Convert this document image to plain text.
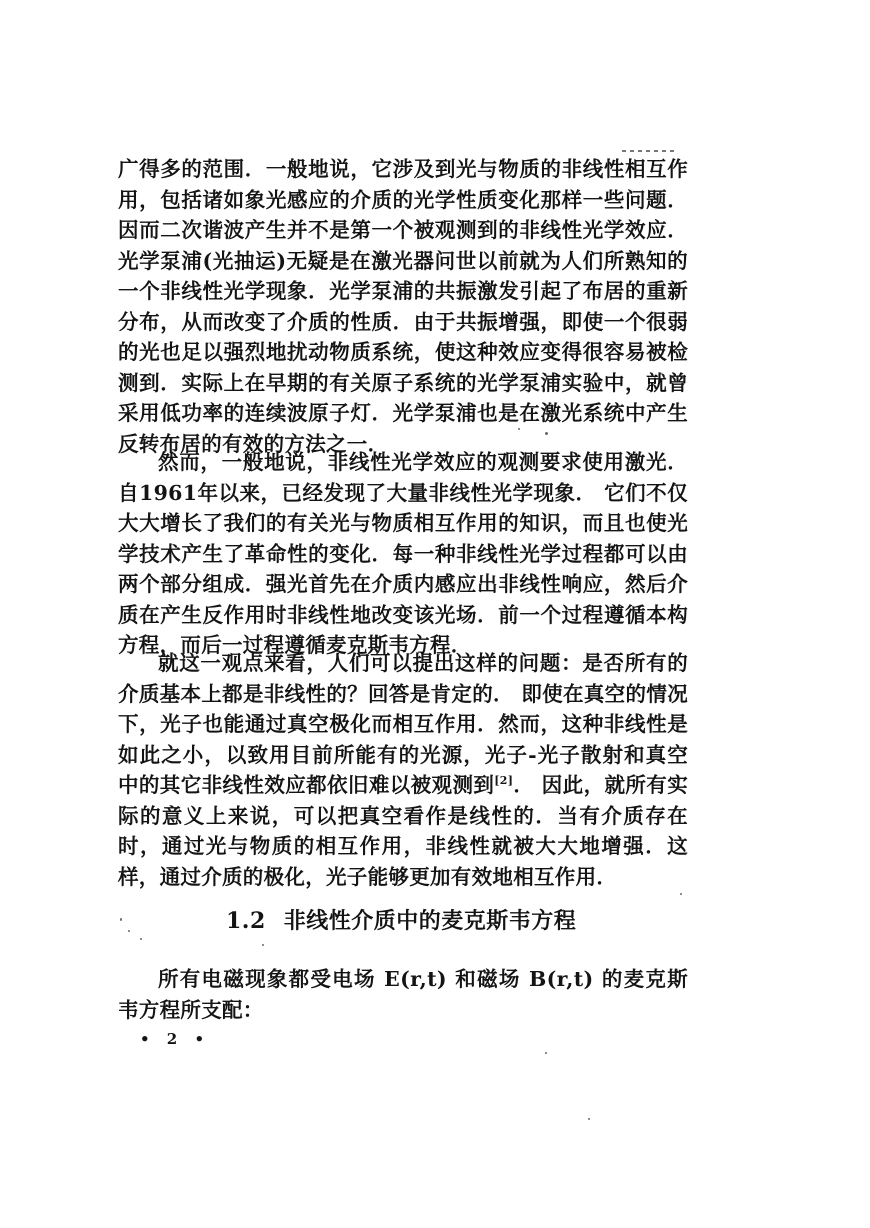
广得多的范围．一般地说，它涉及到光与物质的非线性相互作用，包括诸如象光感应的介质的光学性质变化那样一些问题．因而二次谐波产生并不是第一个被观测到的非线性光学效应．光学泵浦(光抽运)无疑是在激光器问世以前就为人们所熟知的一个非线性光学现象．光学泵浦的共振激发引起了布居的重新分布，从而改变了介质的性质．由于共振增强，即使一个很弱的光也足以强烈地扰动物质系统，使这种效应变得很容易被检测到．实际上在早期的有关原子系统的光学泵浦实验中，就曾采用低功率的连续波原子灯．光学泵浦也是在激光系统中产生反转布居的有效的方法之一．

然而，一般地说，非线性光学效应的观测要求使用激光． 自1961年以来，已经发现了大量非线性光学现象． 它们不仅大大增长了我们的有关光与物质相互作用的知识，而且也使光学技术产生了革命性的变化．每一种非线性光学过程都可以由两个部分组成．强光首先在介质内感应出非线性响应，然后介质在产生反作用时非线性地改变该光场．前一个过程遵循本构方程，而后一过程遵循麦克斯韦方程．

就这一观点来看，人们可以提出这样的问题：是否所有的介质基本上都是非线性的？回答是肯定的． 即使在真空的情况下，光子也能通过真空极化而相互作用．然而，这种非线性是如此之小，以致用目前所能有的光源，光子-光子散射和真空中的其它非线性效应都依旧难以被观测到[2]． 因此，就所有实际的意义上来说，可以把真空看作是线性的．当有介质存在时，通过光与物质的相互作用，非线性就被大大地增强．这样，通过介质的极化，光子能够更加有效地相互作用．

1.2 非线性介质中的麦克斯韦方程

所有电磁现象都受电场 E(r,t) 和磁场 B(r,t) 的麦克斯韦方程所支配：

• 2 •
